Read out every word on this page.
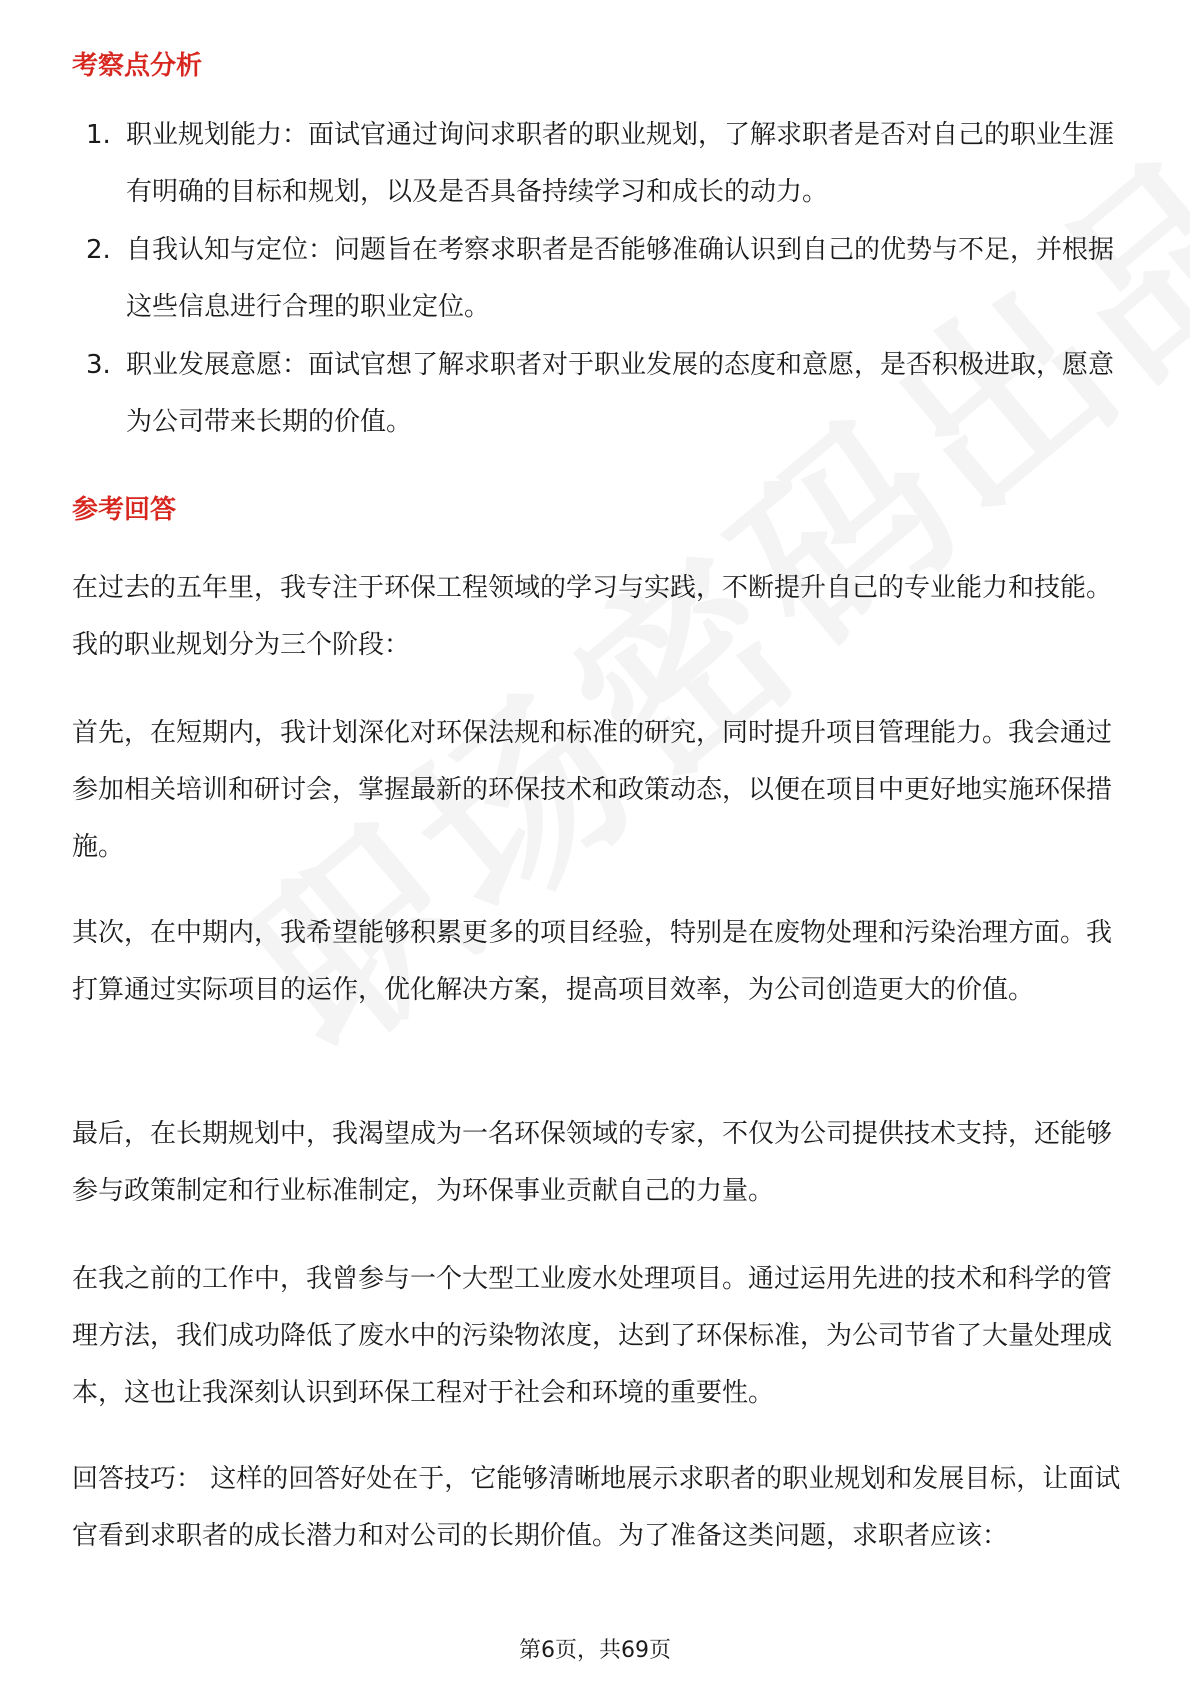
考察点分析
1. 职业规划能力：面试官通过询问求职者的职业规划，了解求职者是否对自己的职业生涯有明确的目标和规划，以及是否具备持续学习和成长的动力。
2. 自我认知与定位：问题旨在考察求职者是否能够准确认识到自己的优势与不足，并根据这些信息进行合理的职业定位。
3. 职业发展意愿：面试官想了解求职者对于职业发展的态度和意愿，是否积极进取，愿意为公司带来长期的价值。
参考回答

在过去的五年里，我专注于环保工程领域的学习与实践，不断提升自己的专业能力和技能。我的职业规划分为三个阶段：

首先，在短期内，我计划深化对环保法规和标准的研究，同时提升项目管理能力。我会通过参加相关培训和研讨会，掌握最新的环保技术和政策动态，以便在项目中更好地实施环保措施。

其次，在中期内，我希望能够积累更多的项目经验，特别是在废物处理和污染治理方面。我打算通过实际项目的运作，优化解决方案，提高项目效率，为公司创造更大的价值。

最后，在长期规划中，我渴望成为一名环保领域的专家，不仅为公司提供技术支持，还能够参与政策制定和行业标准制定，为环保事业贡献自己的力量。

在我之前的工作中，我曾参与一个大型工业废水处理项目。通过运用先进的技术和科学的管理方法，我们成功降低了废水中的污染物浓度，达到了环保标准，为公司节省了大量处理成本，这也让我深刻认识到环保工程对于社会和环境的重要性。

回答技巧： 这样的回答好处在于，它能够清晰地展示求职者的职业规划和发展目标，让面试官看到求职者的成长潜力和对公司的长期价值。为了准备这类问题，求职者应该：

第6页，共69页
